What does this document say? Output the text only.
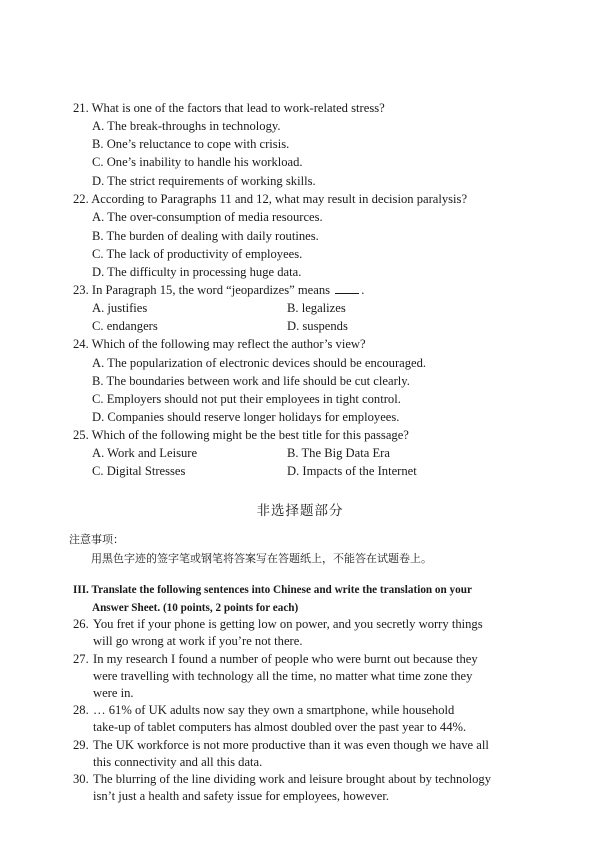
21. What is one of the factors that lead to work-related stress?
A. The break-throughs in technology.
B. One’s reluctance to cope with crisis.
C. One’s inability to handle his workload.
D. The strict requirements of working skills.
22. According to Paragraphs 11 and 12, what may result in decision paralysis?
A. The over-consumption of media resources.
B. The burden of dealing with daily routines.
C. The lack of productivity of employees.
D. The difficulty in processing huge data.
23. In Paragraph 15, the word “jeopardizes” means .
A. justifies	B. legalizes
C. endangers	D. suspends
24. Which of the following may reflect the author’s view?
A. The popularization of electronic devices should be encouraged.
B. The boundaries between work and life should be cut clearly.
C. Employers should not put their employees in tight control.
D. Companies should reserve longer holidays for employees.
25. Which of the following might be the best title for this passage?
A. Work and Leisure	B. The Big Data Era
C. Digital Stresses	D. Impacts of the Internet
非选择题部分
注意事项：
用黑色字迹的签字笔或钢笔将答案写在答题纸上，不能答在试题卷上。
III. Translate the following sentences into Chinese and write the translation on your
Answer Sheet. (10 points, 2 points for each)
26. You fret if your phone is getting low on power, and you secretly worry things
will go wrong at work if you’re not there.
27. In my research I found a number of people who were burnt out because they
were travelling with technology all the time, no matter what time zone they
were in.
28. … 61% of UK adults now say they own a smartphone, while household
take-up of tablet computers has almost doubled over the past year to 44%.
29. The UK workforce is not more productive than it was even though we have all
this connectivity and all this data.
30. The blurring of the line dividing work and leisure brought about by technology
isn’t just a health and safety issue for employees, however.
